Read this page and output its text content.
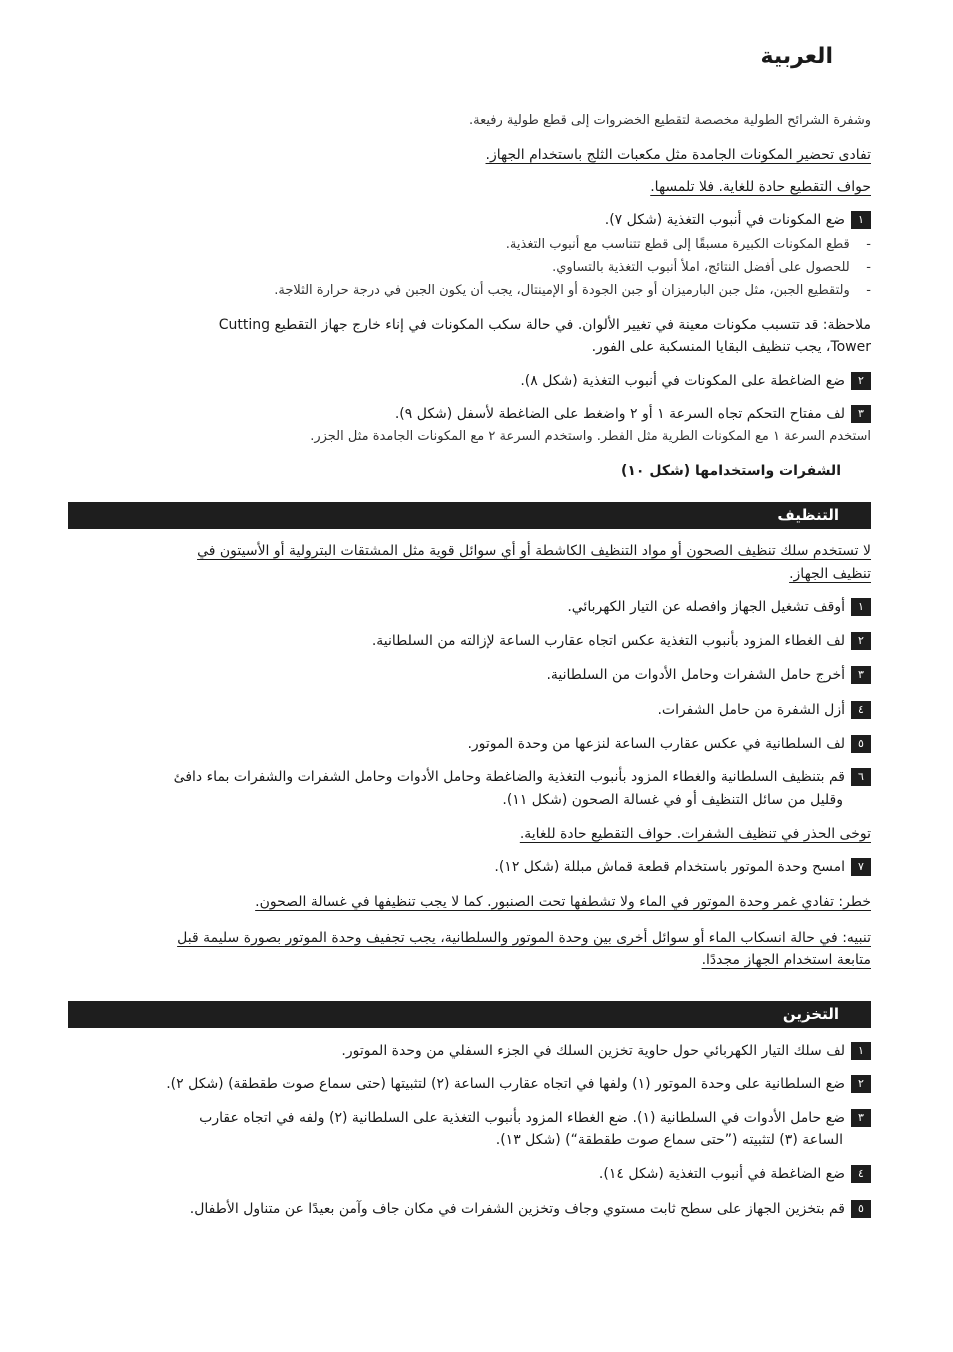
العربية
وشفرة الشرائح الطولية مخصصة لتقطيع الخضروات إلى قطع طولية رفيعة.
تفادى تحضير المكونات الجامدة مثل مكعبات الثلج باستخدام الجهاز.
حواف التقطيع حادة للغاية. فلا تلمسها.
١ضع المكونات في أنبوب التغذية (شكل ٧).
-    قطع المكونات الكبيرة مسبقًا إلى قطع تتناسب مع أنبوب التغذية.
-    للحصول على أفضل النتائج، املأ أنبوب التغذية بالتساوي.
-    ولتقطيع الجبن، مثل جبن البارميزان أو جبن الجودة أو الإمينتال، يجب أن يكون الجبن في درجة حرارة الثلاجة.
ملاحظة: قد تتسبب مكونات معينة في تغيير الألوان. في حالة سكب المكونات في إناء خارج جهاز التقطيع Cutting
Tower، يجب تنظيف البقايا المنسكبة على الفور.
٢ضع الضاغطة على المكونات في أنبوب التغذية (شكل ٨).
٣لف مفتاح التحكم تجاه السرعة ١ أو ٢ واضغط على الضاغطة لأسفل (شكل ٩).
استخدم السرعة ١ مع المكونات الطرية مثل الفطر. واستخدم السرعة ٢ مع المكونات الجامدة مثل الجزر.
الشفرات واستخدامها (شكل ١٠)
التنظيف
لا تستخدم سلك تنظيف الصحون أو مواد التنظيف الكاشطة أو أي سوائل قوية مثل المشتقات البترولية أو الأسيتون في
تنظيف الجهاز.
١أوقف تشغيل الجهاز وافصله عن التيار الكهربائي.
٢لف الغطاء المزود بأنبوب التغذية عكس اتجاه عقارب الساعة لإزالته من السلطانية.
٣أخرج حامل الشفرات وحامل الأدوات من السلطانية.
٤أزل الشفرة من حامل الشفرات.
٥لف السلطانية في عكس عقارب الساعة لنزعها من وحدة الموتور.
٦قم بتنظيف السلطانية والغطاء المزود بأنبوب التغذية والضاغطة وحامل الأدوات وحامل الشفرات والشفرات بماء دافئ
وقليل من سائل التنظيف أو في غسالة الصحون (شكل ١١).
توخى الحذر في تنظيف الشفرات. حواف التقطيع حادة للغاية.
٧امسح وحدة الموتور باستخدام قطعة قماش مبللة (شكل ١٢).
خطر: تفادي غمر وحدة الموتور في الماء ولا تشطفها تحت الصنبور. كما لا يجب تنظيفها في غسالة الصحون.
تنبيه: في حالة انسكاب الماء أو سوائل أخرى بين وحدة الموتور والسلطانية، يجب تجفيف وحدة الموتور بصورة سليمة قبل
متابعة استخدام الجهاز مجددًا.
التخزين
١لف سلك التيار الكهربائي حول حاوية تخزين السلك في الجزء السفلي من وحدة الموتور.
٢ضع السلطانية على وحدة الموتور (١) ولفها في اتجاه عقارب الساعة (٢) لتثبيتها (حتى سماع صوت طقطقة) (شكل ٢).
٣ضع حامل الأدوات في السلطانية (١). ضع الغطاء المزود بأنبوب التغذية على السلطانية (٢) ولفه في اتجاه عقارب
الساعة (٣) لتثبيته (”حتى سماع صوت طقطقة“) (شكل ١٣).
٤ضع الضاغطة في أنبوب التغذية (شكل ١٤).
٥قم بتخزين الجهاز على سطح ثابت مستوي وجاف وتخزين الشفرات في مكان جاف وآمن بعيدًا عن متناول الأطفال.
